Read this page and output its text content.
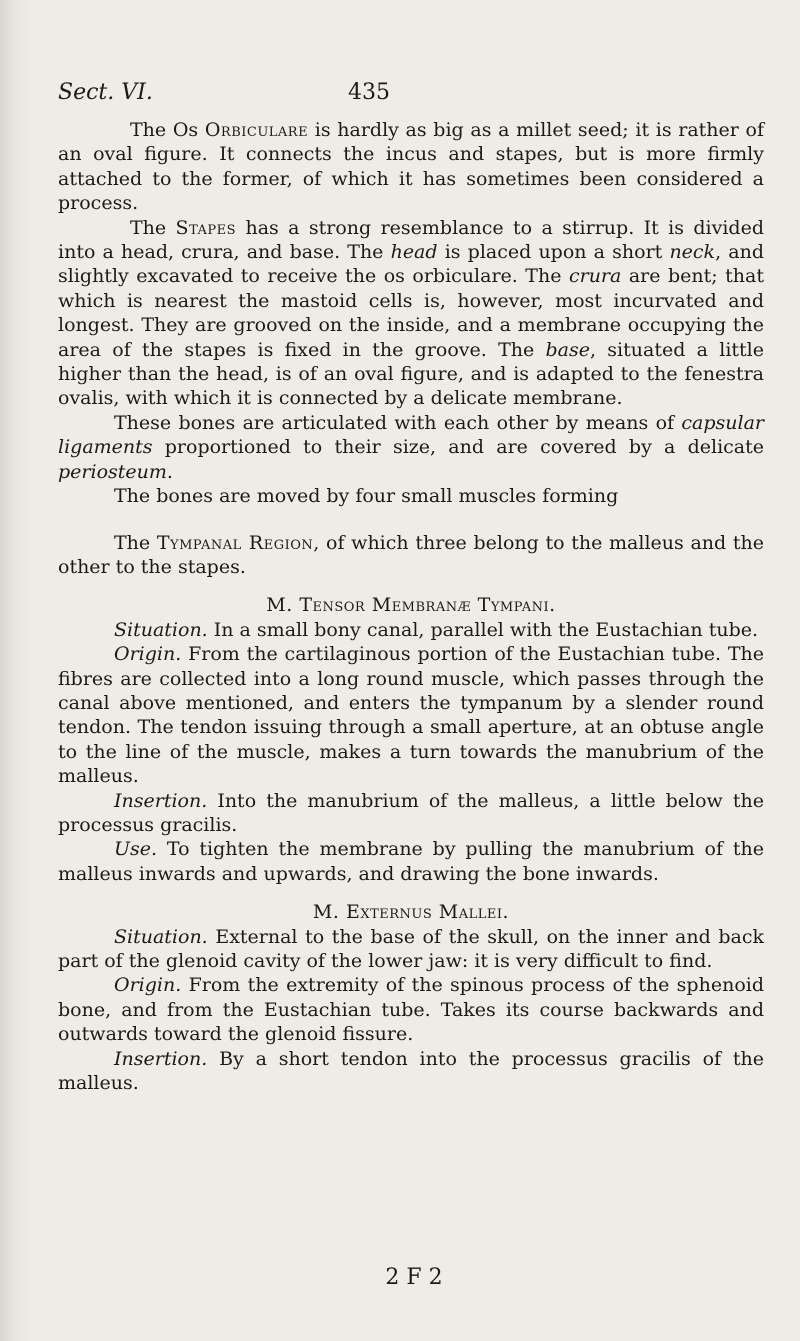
Sect. VI.	435

The Os Orbiculare is hardly as big as a millet seed; it is rather of an oval figure. It connects the incus and stapes, but is more firmly attached to the former, of which it has sometimes been considered a process.

The Stapes has a strong resemblance to a stirrup. It is divided into a head, crura, and base. The head is placed upon a short neck, and slightly excavated to receive the os orbiculare. The crura are bent; that which is nearest the mastoid cells is, however, most incurvated and longest. They are grooved on the inside, and a membrane occupying the area of the stapes is fixed in the groove. The base, situated a little higher than the head, is of an oval figure, and is adapted to the fenestra ovalis, with which it is connected by a delicate membrane.

These bones are articulated with each other by means of capsular ligaments proportioned to their size, and are covered by a delicate periosteum.

The bones are moved by four small muscles forming

The Tympanal Region, of which three belong to the malleus and the other to the stapes.

M. Tensor Membranæ Tympani.

Situation. In a small bony canal, parallel with the Eustachian tube.

Origin. From the cartilaginous portion of the Eustachian tube. The fibres are collected into a long round muscle, which passes through the canal above mentioned, and enters the tympanum by a slender round tendon. The tendon issuing through a small aperture, at an obtuse angle to the line of the muscle, makes a turn towards the manubrium of the malleus.

Insertion. Into the manubrium of the malleus, a little below the processus gracilis.

Use. To tighten the membrane by pulling the manubrium of the malleus inwards and upwards, and drawing the bone inwards.

M. Externus Mallei.

Situation. External to the base of the skull, on the inner and back part of the glenoid cavity of the lower jaw: it is very difficult to find.

Origin. From the extremity of the spinous process of the sphenoid bone, and from the Eustachian tube. Takes its course backwards and outwards toward the glenoid fissure.

Insertion. By a short tendon into the processus gracilis of the malleus.

2 F 2
